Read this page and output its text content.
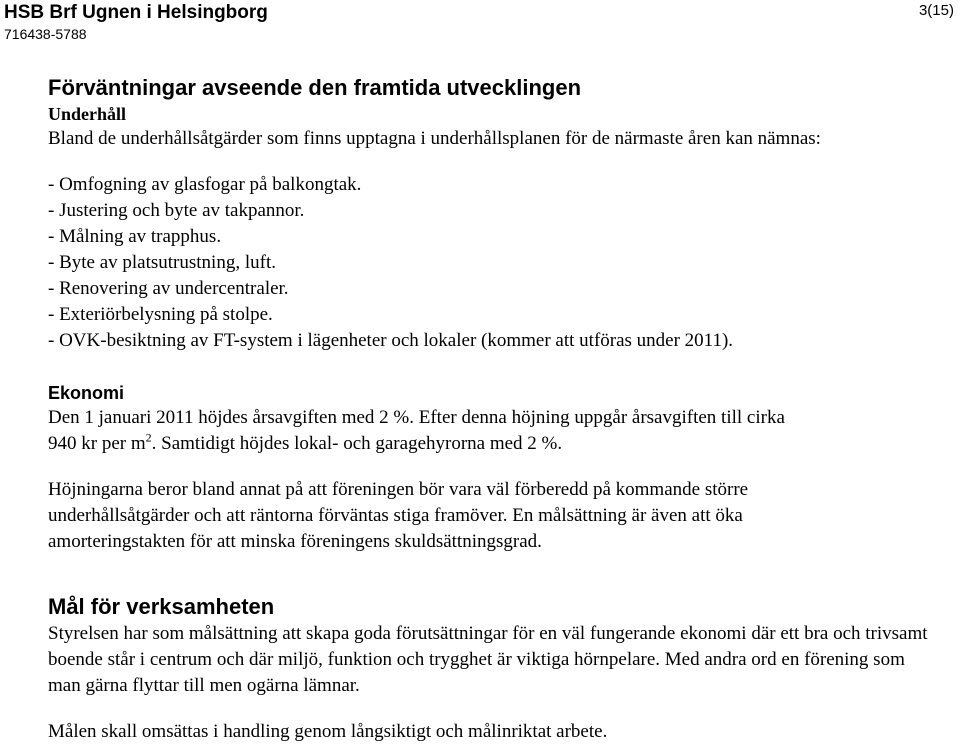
HSB Brf Ugnen i Helsingborg
716438-5788
3(15)
Förväntningar avseende den framtida utvecklingen
Underhåll

Bland de underhållsåtgärder som finns upptagna i underhållsplanen för de närmaste åren kan nämnas:

- Omfogning av glasfogar på balkongtak.
- Justering och byte av takpannor.
- Målning av trapphus.
- Byte av platsutrustning, luft.
- Renovering av undercentraler.
- Exteriörbelysning på stolpe.
- OVK-besiktning av FT-system i lägenheter och lokaler (kommer att utföras under 2011).
Ekonomi

Den 1 januari 2011 höjdes årsavgiften med 2 %. Efter denna höjning uppgår årsavgiften till cirka
940 kr per $m^2$. Samtidigt höjdes lokal- och garagehyrorna med 2 %.

Höjningarna beror bland annat på att föreningen bör vara väl förberedd på kommande större underhållsåtgärder och att räntorna förväntas stiga framöver. En målsättning är även att öka amorteringstakten för att minska föreningens skuldsättningsgrad.

Mål för verksamheten

Styrelsen har som målsättning att skapa goda förutsättningar för en väl fungerande ekonomi där ett bra och trivsamt boende står i centrum och där miljö, funktion och trygghet är viktiga hörnpelare. Med andra ord en förening som man gärna flyttar till men ogärna lämnar.

Målen skall omsättas i handling genom långsiktigt och målinriktat arbete.
